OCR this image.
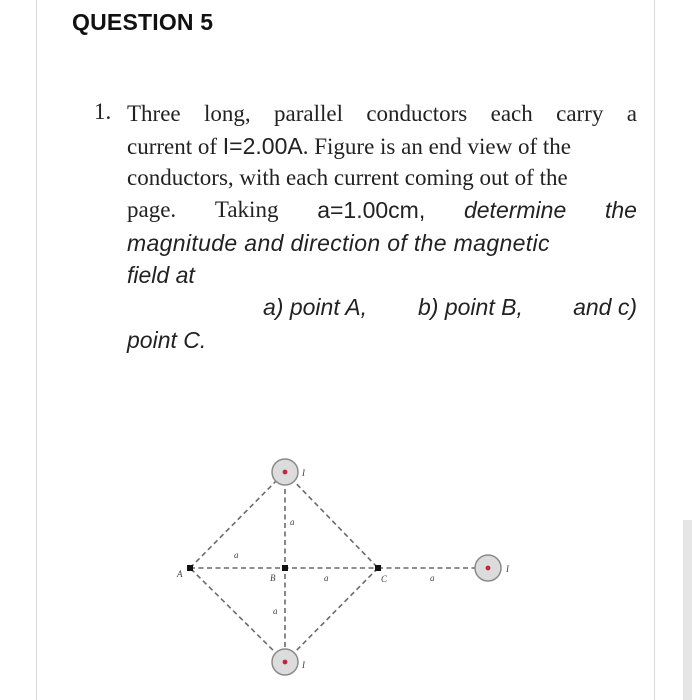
QUESTION 5
1. Three long, parallel conductors each carry a
current of I=2.00A. Figure is an end view of the
conductors, with each current coming out of the
page. Taking a=1.00cm, determine the
magnitude and direction of the magnetic
field at
a) point A, b) point B, and c)
point C.
I
I
I
A	B	C
a
a	a
a
a
